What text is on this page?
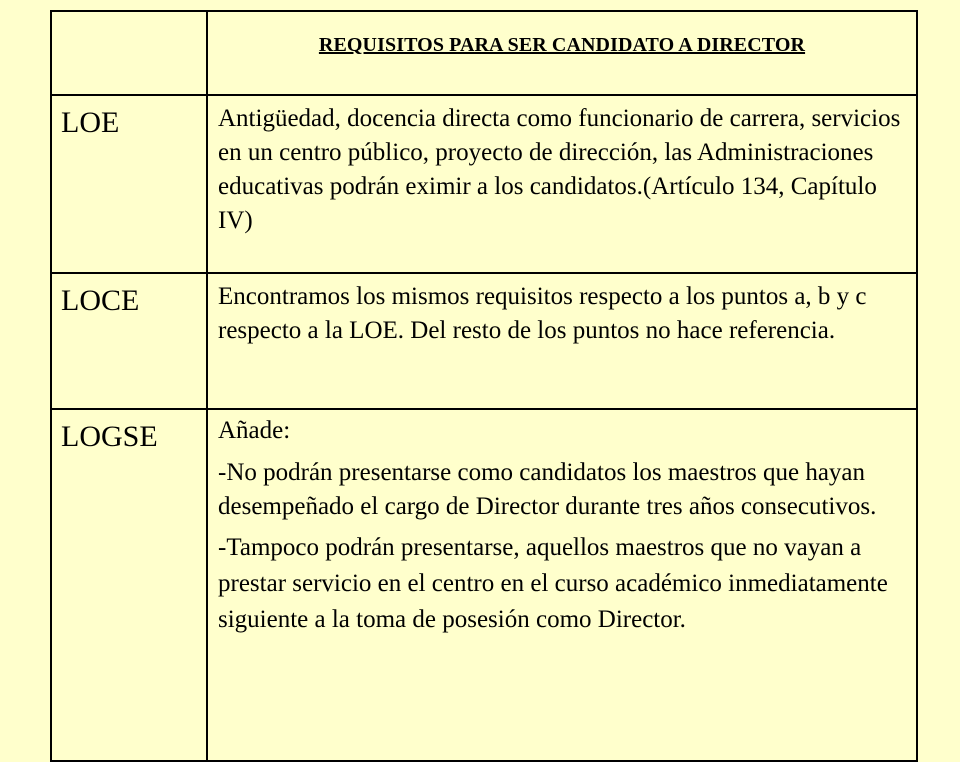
	REQUISITOS PARA SER CANDIDATO A DIRECTOR
LOE	Antigüedad, docencia directa como funcionario de carrera, servicios en un centro público, proyecto de dirección, las Administraciones educativas podrán eximir a los candidatos.(Artículo 134, Capítulo IV)

LOCE	Encontramos los mismos requisitos respecto a los puntos a, b y c respecto a la LOE. Del resto de los puntos no hace referencia.

LOGSE	Añade:

-No podrán presentarse como candidatos los maestros que hayan desempeñado el cargo de Director durante tres años consecutivos.

-Tampoco podrán presentarse, aquellos maestros que no vayan a prestar servicio en el centro en el curso académico inmediatamente siguiente a la toma de posesión como Director.
